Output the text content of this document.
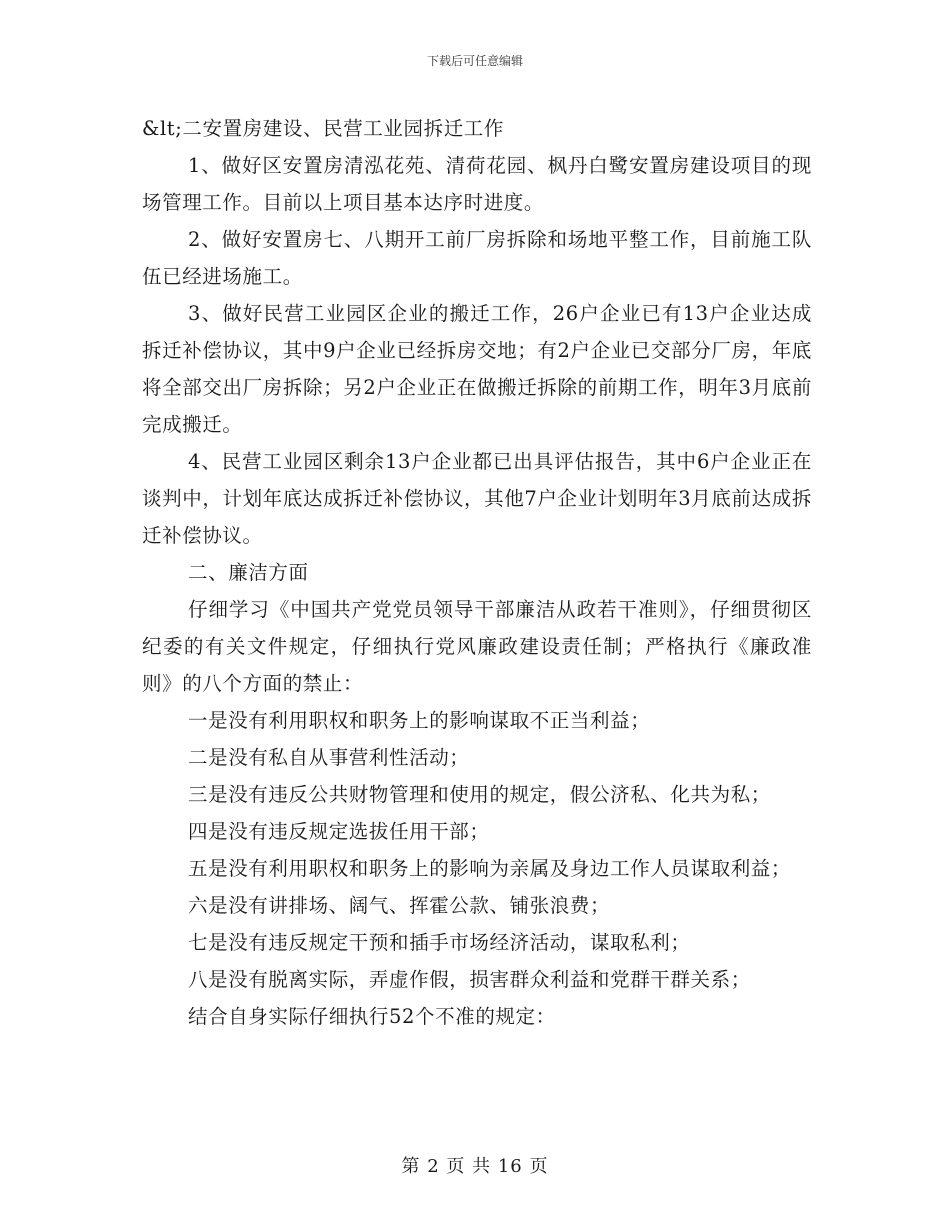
下载后可任意编辑

&lt;二安置房建设、民营工业园拆迁工作

1、做好区安置房清泓花苑、清荷花园、枫丹白鹭安置房建设项目的现场管理工作。目前以上项目基本达序时进度。

2、做好安置房七、八期开工前厂房拆除和场地平整工作，目前施工队伍已经进场施工。

3、做好民营工业园区企业的搬迁工作，26户企业已有13户企业达成拆迁补偿协议，其中9户企业已经拆房交地；有2户企业已交部分厂房，年底将全部交出厂房拆除；另2户企业正在做搬迁拆除的前期工作，明年3月底前完成搬迁。

4、民营工业园区剩余13户企业都已出具评估报告，其中6户企业正在谈判中，计划年底达成拆迁补偿协议，其他7户企业计划明年3月底前达成拆迁补偿协议。

二、廉洁方面

仔细学习《中国共产党党员领导干部廉洁从政若干准则》，仔细贯彻区纪委的有关文件规定，仔细执行党风廉政建设责任制；严格执行《廉政准则》的八个方面的禁止：

一是没有利用职权和职务上的影响谋取不正当利益；

二是没有私自从事营利性活动；

三是没有违反公共财物管理和使用的规定，假公济私、化共为私；

四是没有违反规定选拔任用干部；

五是没有利用职权和职务上的影响为亲属及身边工作人员谋取利益；

六是没有讲排场、阔气、挥霍公款、铺张浪费；

七是没有违反规定干预和插手市场经济活动，谋取私利；

八是没有脱离实际，弄虚作假，损害群众利益和党群干群关系；

结合自身实际仔细执行52个不准的规定：

第 2 页 共 16 页
